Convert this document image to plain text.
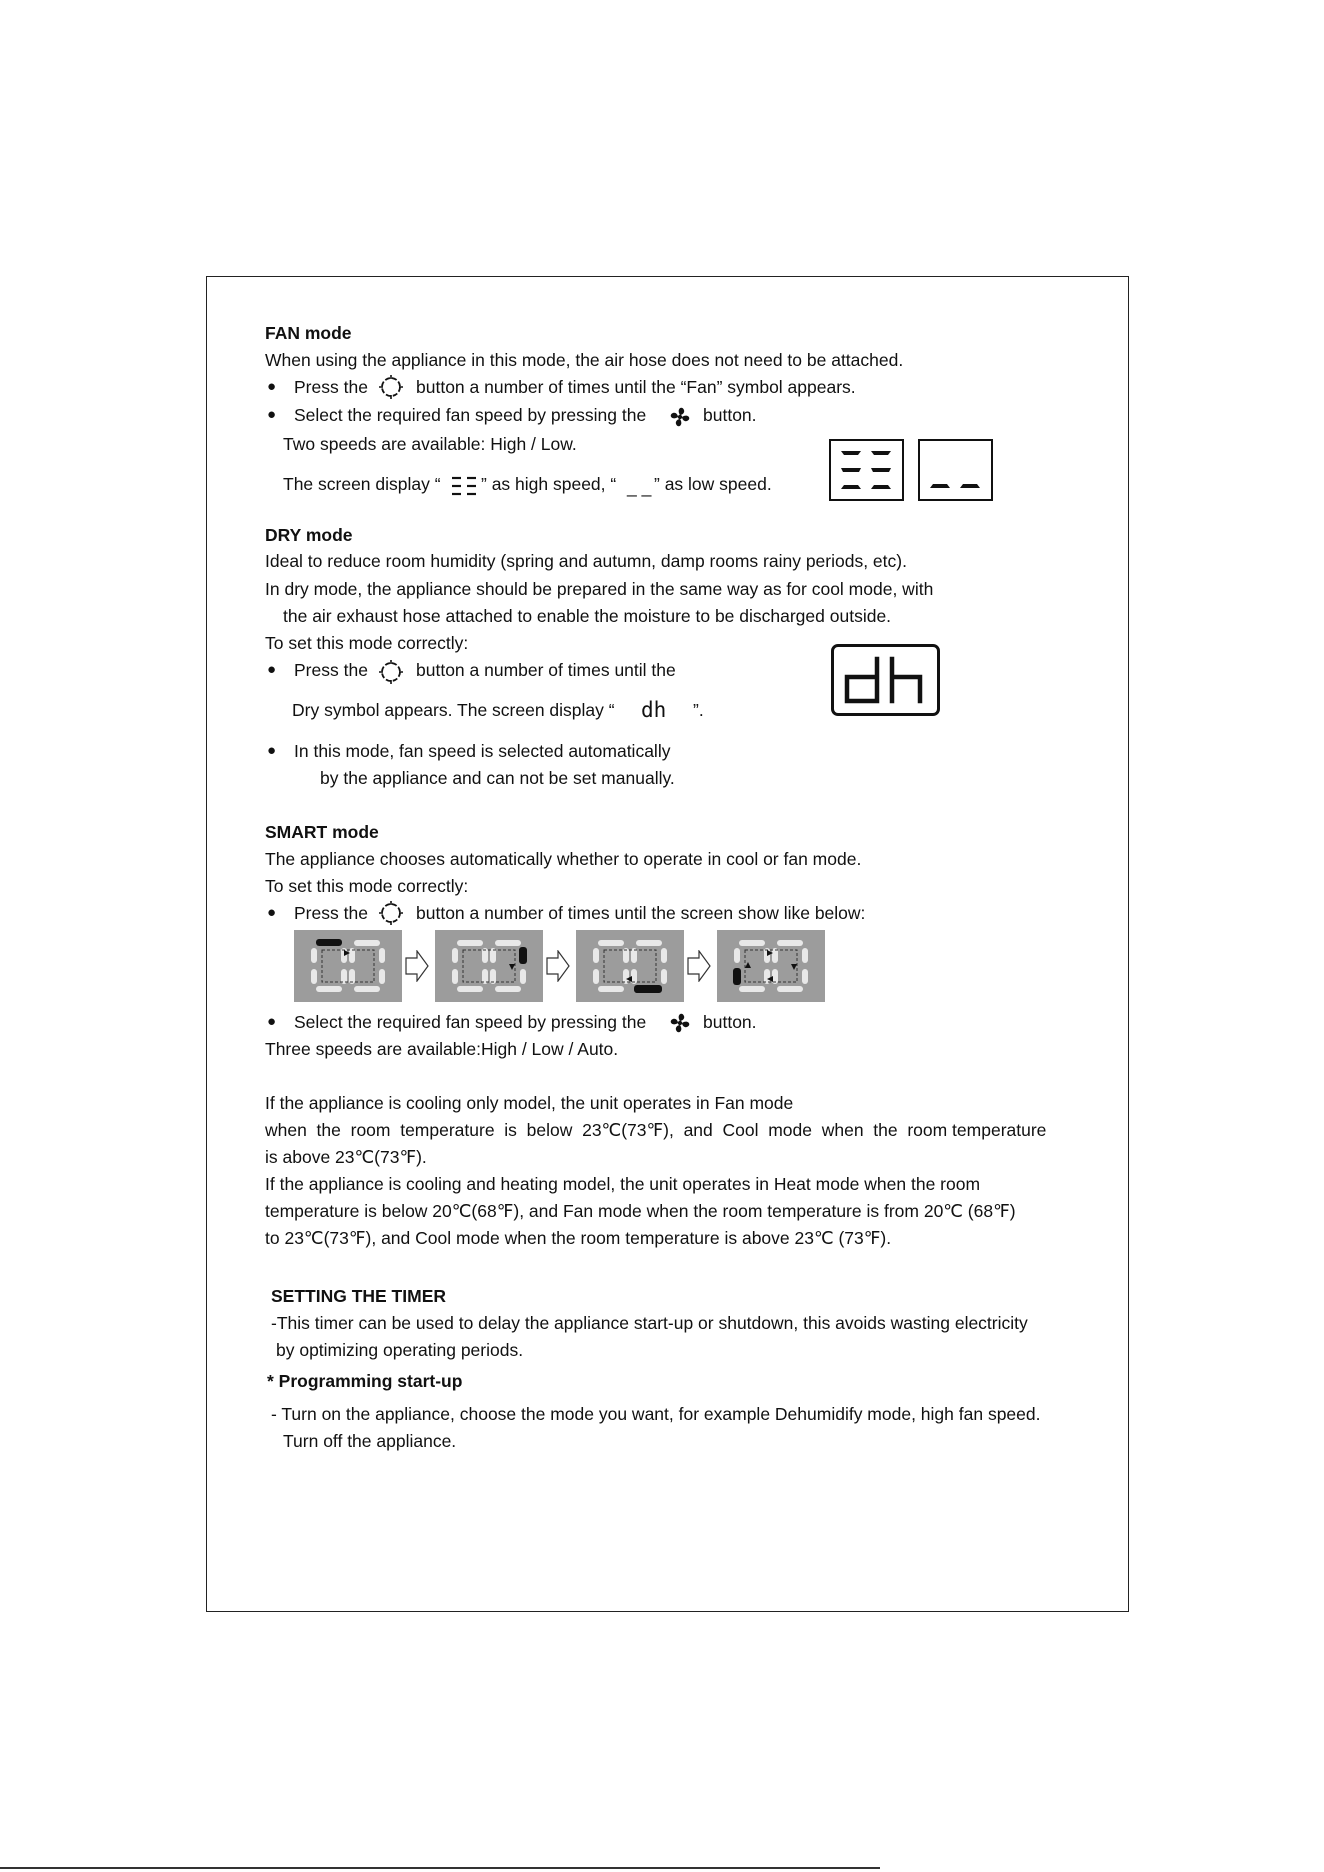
FAN mode
When using the appliance in this mode, the air hose does not need to be attached.
● Press the	button a number of times until the “Fan” symbol appears.
● Select the required fan speed by pressing the	button.
Two speeds are available: High / Low.
The screen display “ ” as high speed, “ _ _ ” as low speed.
DRY mode
Ideal to reduce room humidity (spring and autumn, damp rooms rainy periods, etc).
In dry mode, the appliance should be prepared in the same way as for cool mode, with
the air exhaust hose attached to enable the moisture to be discharged outside.
To set this mode correctly:
● Press the	button a number of times until the
Dry symbol appears. The screen display “ dh ”.
● In this mode, fan speed is selected automatically
by the appliance and can not be set manually.
SMART mode
The appliance chooses automatically whether to operate in cool or fan mode.
To set this mode correctly:
● Press the	button a number of times until the screen show like below:
● Select the required fan speed by pressing the	button.
Three speeds are available:High / Low / Auto.
If the appliance is cooling only model, the unit operates in Fan mode
when  the  room  temperature  is  below  23℃(73℉),  and  Cool  mode  when  the  room temperature
is above 23℃(73℉).
If the appliance is cooling and heating model, the unit operates in Heat mode when the room
temperature is below 20℃(68℉), and Fan mode when the room temperature is from 20℃ (68℉)
to 23℃(73℉), and Cool mode when the room temperature is above 23℃ (73℉).
SETTING THE TIMER
-This timer can be used to delay the appliance start-up or shutdown, this avoids wasting electricity
by optimizing operating periods.
* Programming start-up
- Turn on the appliance, choose the mode you want, for example Dehumidify mode, high fan speed.
Turn off the appliance.
